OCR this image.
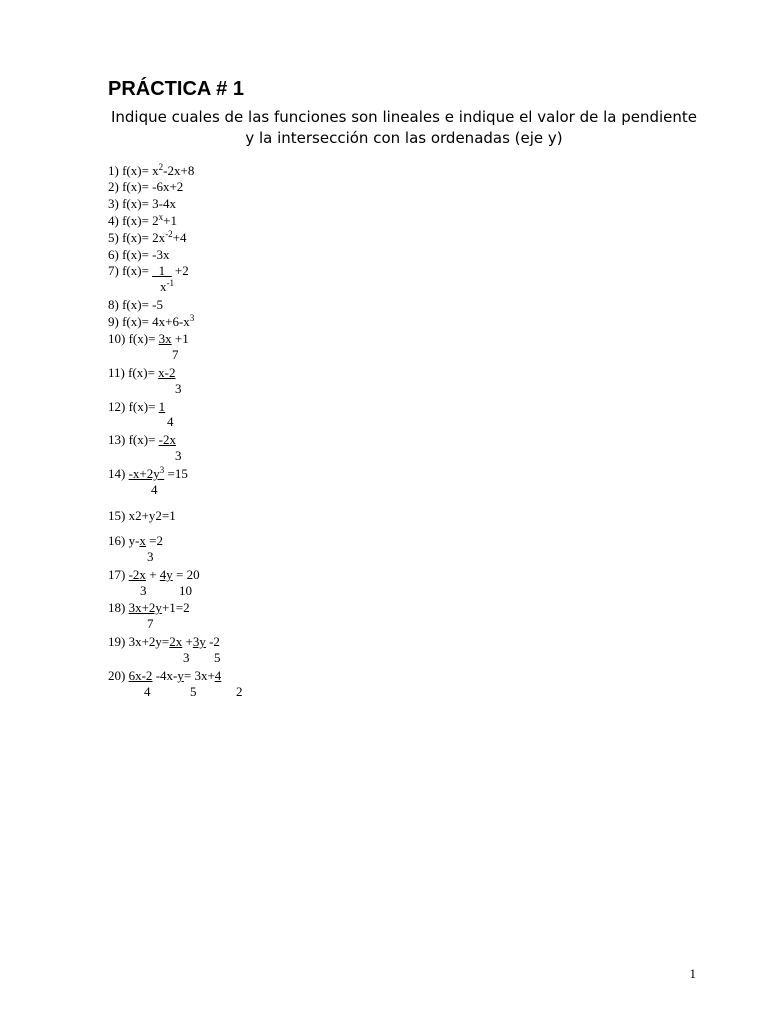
PRÁCTICA # 1

Indique cuales de las funciones son lineales e indique el valor de la pendiente y la intersección con las ordenadas (eje y)

1) $f(x)= x^2-2x+8$
2) f(x)= -6x+2
3) f(x)= 3-4x
4) $f(x)= 2^x+1$
5) $f(x)= 2x^{-2}+4$
6) f(x)= -3x
7) f(x)= _1_ +2
$x^{-1}$
8) f(x)= -5
9) $f(x)= 4x+6-x^3$
10) f(x)= 3x +1
7
11) f(x)= x-2
3
12) f(x)= 1
4
13) f(x)= -2x
3
14) $-x+2y^3 =15$
4
15) x2+y2=1
16) y-x =2
3
17) -2x + 4y = 20
3	10
18) 3x+2y+1=2
7
19) 3x+2y=2x +3y -2
3 5
20) 6x-2 -4x-y= 3x+4
4	5	2
1
